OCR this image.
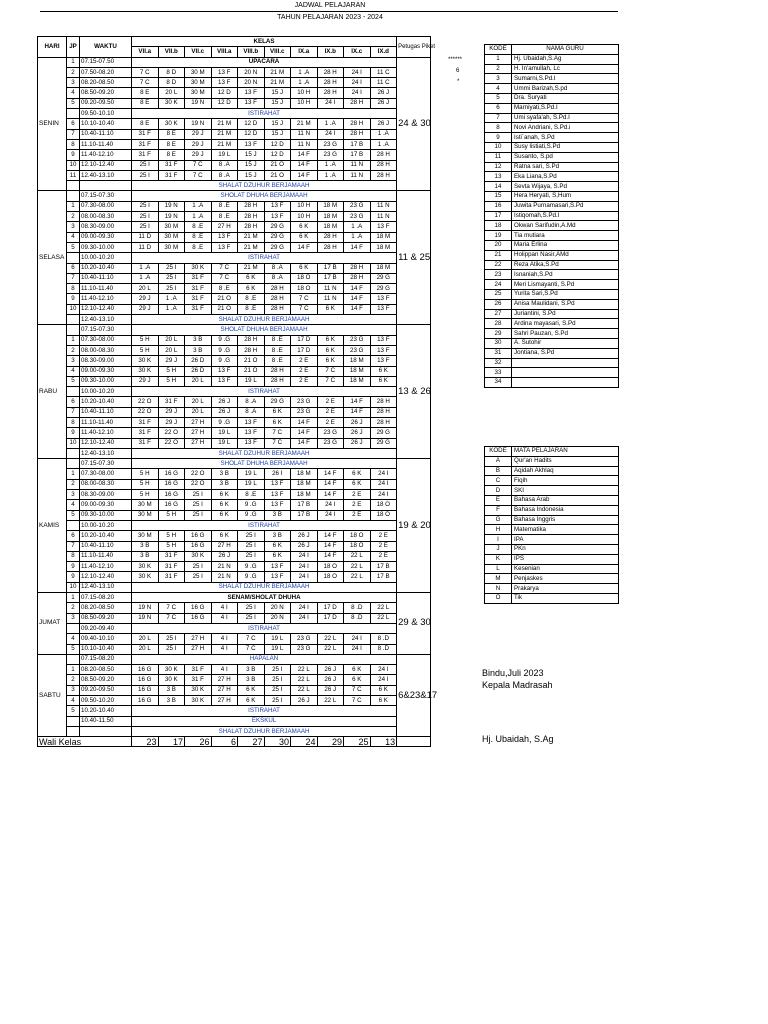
JADWAL PELAJARAN
TAHUN PELAJARAN 2023 - 2024
HARI	JP	WAKTU	KELAS										Petugas Piket
			VII.a	VII.b	VII.c	VIII.a	VIII.b	VIII.c	IX.a	IX.b	IX.c	IX.d	
SENIN	1	07.15-07.50	UPACARA										24 & 30
	2	07.50-08.20	7 C	8 D	30 M	13 F	20 N	21 M	1 .A	28 H	24 I	11 C	
	3	08.20-08.50	7 C	8 D	30 M	13 F	20 N	21 M	1 .A	28 H	24 I	11 C	
	4	08.50-09.20	8 E	20 L	30 M	12 D	13 F	15 J	10 H	28 H	24 I	26 J	
	5	09.20-09.50	8 E	30 K	19 N	12 D	13 F	15 J	10 H	24 I	28 H	26 J	
		09.50-10.10	ISTIRAHAT										
	6	10.10-10.40	8 E	30 K	19 N	21 M	12 D	15 J	21 M	1 .A	28 H	26 J	
	7	10.40-11.10	31 F	8 E	29 J	21 M	12 D	15 J	11 N	24 I	28 H	1 .A	
	8	11.10-11.40	31 F	8 E	29 J	21 M	13 F	12 D	11 N	23 G	17 B	1 .A	
	9	11.40-12.10	31 F	8 E	29 J	19 L	15 J	12 D	14 F	23 G	17 B	28 H	
	10	12.10-12.40	25 I	31 F	7 C	8 .A	15 J	21 O	14 F	1 .A	11 N	28 H	
	11	12.40-13.10	25 I	31 F	7 C	8 .A	15 J	21 O	14 F	1 .A	11 N	28 H	
			SHALAT DZUHUR BERJAMAAH										
SELASA		07.15-07.30	SHOLAT DHUHA BERJAMAAH										11 & 25
	1	07.30-08.00	25 I	19 N	1 .A	8 .E	28 H	13 F	10 H	18 M	23 G	11 N	
	2	08.00-08.30	25 I	19 N	1 .A	8 .E	28 H	13 F	10 H	18 M	23 G	11 N	
	3	08.30-09.00	25 I	30 M	8 .E	27 H	28 H	29 G	6 K	18 M	1 .A	13 F	
	4	09.00-09.30	11 D	30 M	8 .E	13 F	21 M	29 G	6 K	28 H	1 .A	18 M	
	5	09.30-10.00	11 D	30 M	8 .E	13 F	21 M	29 G	14 F	28 H	14 F	18 M	
		10.00-10.20	ISTIRAHAT										
	6	10.20-10.40	1 .A	25 I	30 K	7 C	21 M	8 .A	6 K	17 B	28 H	18 M	
	7	10.40-11.10	1 .A	25 I	31 F	7 C	6 K	8 .A	18 O	17 B	28 H	29 G	
	8	11.10-11.40	20 L	25 I	31 F	8 .E	6 K	28 H	18 O	11 N	14 F	29 G	
	9	11.40-12.10	29 J	1 .A	31 F	21 O	8 .E	28 H	7 C	11 N	14 F	13 F	
	10	12.10-12.40	29 J	1 .A	31 F	21 O	8 .E	28 H	7 C	6 K	14 F	13 F	
		12.40-13.10	SHALAT DZUHUR BERJAMAAH										
RABU		07.15-07.30	SHOLAT DHUHA BERJAMAAH										13 & 26
	1	07.30-08.00	5 H	20 L	3 B	9 .G	28 H	8 .E	17 D	6 K	23 G	13 F	
	2	08.00-08.30	5 H	20 L	3 B	9 .G	28 H	8 .E	17 D	6 K	23 G	13 F	
	3	08.30-09.00	30 K	29 J	26 D	9 .G	21 O	8 .E	2 E	6 K	18 M	13 F	
	4	09.00-09.30	30 K	5 H	26 D	13 F	21 O	28 H	2 E	7 C	18 M	6 K	
	5	09.30-10.00	29 J	5 H	20 L	13 F	19 L	28 H	2 E	7 C	18 M	6 K	
		10.00-10.20	ISTIRAHAT										
	6	10.20-10.40	22 O	31 F	20 L	26 J	8 .A	29 G	23 G	2 E	14 F	28 H	
	7	10.40-11.10	22 O	29 J	20 L	26 J	8 .A	6 K	23 G	2 E	14 F	28 H	
	8	11.10-11.40	31 F	29 J	27 H	9 .G	13 F	6 K	14 F	2 E	26 J	28 H	
	9	11.40-12.10	31 F	22 O	27 H	19 L	13 F	7 C	14 F	23 G	26 J	29 G	
	10	12.10-12.40	31 F	22 O	27 H	19 L	13 F	7 C	14 F	23 G	26 J	29 G	
		12.40-13.10	SHALAT DZUHUR BERJAMAAH										
KAMIS		07.15-07.30	SHOLAT DHUHA BERJAMAAH										19 & 20
	1	07.30-08.00	5 H	16 G	22 O	3 B	19 L	26 I	18 M	14 F	6 K	24 I	
	2	08.00-08.30	5 H	16 G	22 O	3 B	19 L	13 F	18 M	14 F	6 K	24 I	
	3	08.30-09.00	5 H	16 G	25 I	6 K	8 .E	13 F	18 M	14 F	2 E	24 I	
	4	09.00-09.30	30 M	16 G	25 I	6 K	9 .G	13 F	17 B	24 I	2 E	18 O	
	5	09.30-10.00	30 M	5 H	25 I	6 K	9 .G	3 B	17 B	24 I	2 E	18 O	
		10.00-10.20	ISTIRAHAT										
	6	10.20-10.40	30 M	5 H	16 G	6 K	25 I	3 B	26 J	14 F	18 O	2 E	
	7	10.40-11.10	3 B	5 H	16 G	27 H	25 I	6 K	26 J	14 F	18 O	2 E	
	8	11.10-11.40	3 B	31 F	30 K	26 J	25 I	6 K	24 I	14 F	22 L	2 E	
	9	11.40-12.10	30 K	31 F	25 I	21 N	9 .G	13 F	24 I	18 O	22 L	17 B	
	9	12.10-12.40	30 K	31 F	25 I	21 N	9 .G	13 F	24 I	18 O	22 L	17 B	
	10	12.40-13.10	SHALAT DZUHUR BERJAMAAH										
JUMAT	1	07.15-08.20	SENAM/SHOLAT DHUHA										29 & 30
	2	08.20-08.50	19 N	7 C	16 G	4 I	25 I	20 N	24 I	17 D	8 .D	22 L	
	3	08.50-09.20	19 N	7 C	16 G	4 I	25 I	20 N	24 I	17 D	8 .D	22 L	
		09.20-09.40	ISTIRAHAT										
	4	09.40-10.10	20 L	25 I	27 H	4 I	7 C	19 L	23 G	22 L	24 I	8 .D	
	5	10.10-10.40	20 L	25 I	27 H	4 I	7 C	19 L	23 G	22 L	24 I	8 .D	
SABTU		07.15-08.20	HAPALAN										6&23&17
	1	08.20-08.50	16 G	30 K	31 F	4 I	3 B	25 I	22 L	26 J	6 K	24 I	
	2	08.50-09.20	16 G	30 K	31 F	27 H	3 B	25 I	22 L	26 J	6 K	24 I	
	3	09.20-09.50	16 G	3 B	30 K	27 H	6 K	25 I	22 L	26 J	7 C	6 K	
	4	09.50-10.20	16 G	3 B	30 K	27 H	6 K	25 I	26 J	22 L	7 C	6 K	
	5	10.20-10.40	ISTIRAHAT										
		10.40-11.50	EKSKUL										
			SHALAT DZUHUR BERJAMAAH										
Wali Kelas			23	17	26	6	27	30	24	29	25	13	
******
6
*
KODE	NAMA GURU
1	Hj. Ubaidah,S.Ag
2	H. In'amullah, Lc
3	Sumarni,S.Pd.I
4	Ummi Barizah,S.pd
5	Dra. Suryati
6	Marniyati,S.Pd.I
7	Umi syafa'ah, S.Pd.I
8	Novi Andriani, S.Pd.i
9	Isti`anah, S.Pd
10	Susy listiati,S.Pd
11	Susanto, S.pd
12	Ratna sari, S.Pd
13	Eka Liana,S.Pd
14	Sevta Wijaya, S.Pd
15	Hera Heryati, S,Hum
16	Juwita Purnamasari,S.Pd
17	Istiqomah,S.Pd.I
18	Okwan Sarifudin,A.Md
19	Tia mutiara
20	Maria Erlina
21	Holippan Nasir,AMd
22	Reza Atika,S.Pd
23	Isnaniah,S.Pd
24	Meri Lismayanti, S.Pd
25	Yurita Sari,S.Pd
26	Anisa Maulidani, S.Pd
27	Juriantini, S.Pd
28	Ardina mayasari, S.Pd
29	Sahri Pauzan, S.Pd
30	A. Sutohir
31	Jontiana, S.Pd
32	
33	
34	
KODE	MATA PELAJARAN
A	Qur'an Hadits
B	Aqidah Akhlaq
C	Fiqih
D	SKI
E	Bahasa Arab
F	Bahasa Indonesia
G	Bahasa Inggris
H	Matematika
I	IPA
J	PKn
K	IPS
L	Kesenian
M	Penjaskes
N	Prakarya
O	Tik
Bindu,Juli 2023
Kepala Madrasah
Hj. Ubaidah, S.Ag
